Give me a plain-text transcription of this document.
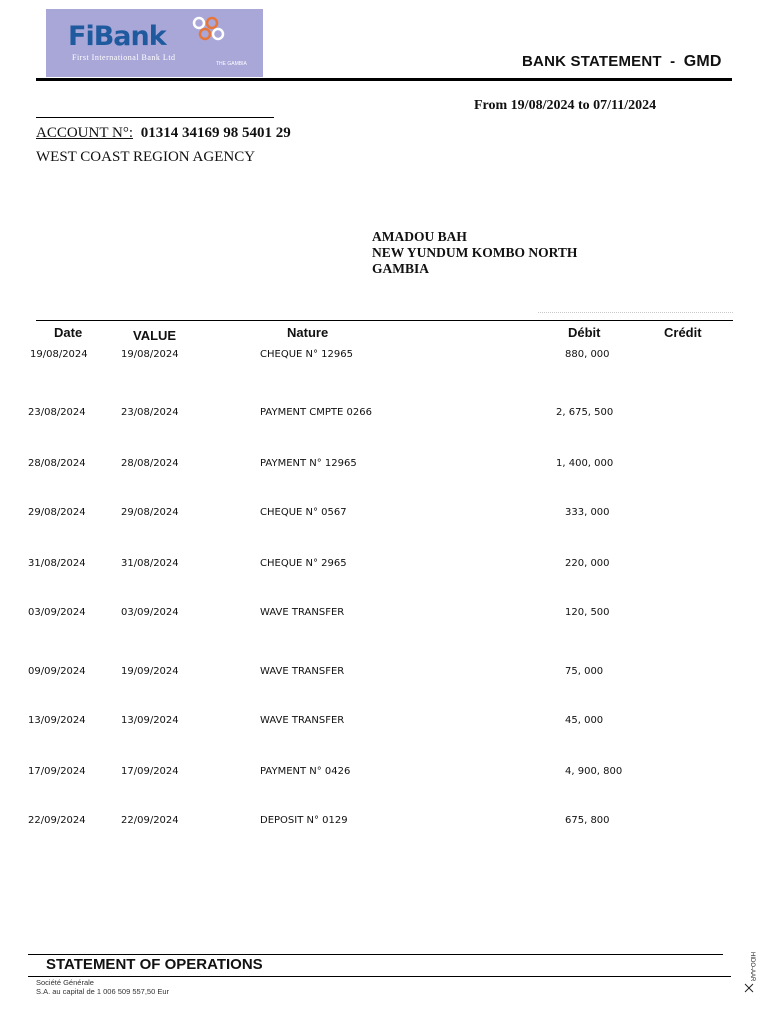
FiBank
First International Bank Ltd
THE GAMBIA	BANK STATEMENT - GMD
From 19/08/2024 to 07/11/2024
ACCOUNT N°: 01314 34169 98 5401 29
WEST COAST REGION AGENCY
AMADOU BAH
NEW YUNDUM KOMBO NORTH
GAMBIA
Date	VALUE	Nature	Débit	Crédit
19/08/2024	19/08/2024	CHEQUE N° 12965	880, 000
23/08/2024	23/08/2024	PAYMENT CMPTE 0266	2, 675, 500
28/08/2024	28/08/2024	PAYMENT N° 12965	1, 400, 000
29/08/2024	29/08/2024	CHEQUE N° 0567	333, 000
31/08/2024	31/08/2024	CHEQUE N° 2965	220, 000
03/09/2024	03/09/2024	WAVE TRANSFER	120, 500
09/09/2024	19/09/2024	WAVE TRANSFER	75, 000
13/09/2024	13/09/2024	WAVE TRANSFER	45, 000
17/09/2024	17/09/2024	PAYMENT N° 0426	4, 900, 800
22/09/2024	22/09/2024	DEPOSIT N° 0129	675, 800
STATEMENT OF OPERATIONS
Société Générale
S.A. au capital de 1 006 509 557,50 Eur
HIDO-AAR
